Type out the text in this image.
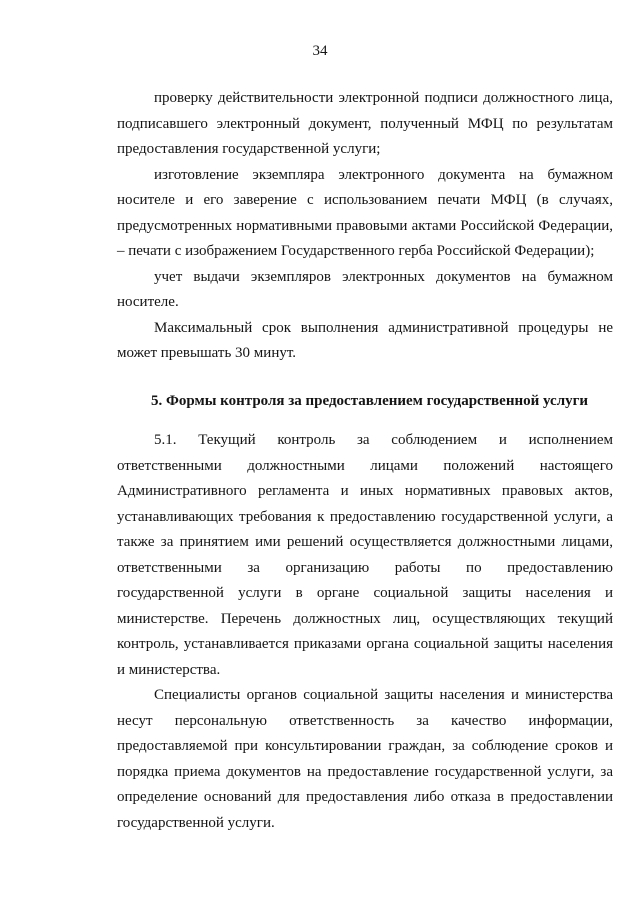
34

проверку действительности электронной подписи должностного лица, подписавшего электронный документ, полученный МФЦ по результатам предоставления государственной услуги;

изготовление экземпляра электронного документа на бумажном носителе и его заверение с использованием печати МФЦ (в случаях, предусмотренных нормативными правовыми актами Российской Федерации, – печати с изображением Государственного герба Российской Федерации);

учет выдачи экземпляров электронных документов на бумажном носителе.

Максимальный срок выполнения административной процедуры не может превышать 30 минут.

5. Формы контроля за предоставлением государственной услуги

5.1. Текущий контроль за соблюдением и исполнением ответственными должностными лицами положений настоящего Административного регламента и иных нормативных правовых актов, устанавливающих требования к предоставлению государственной услуги, а также за принятием ими решений осуществляется должностными лицами, ответственными за организацию работы по предоставлению государственной услуги в органе социальной защиты населения и министерстве. Перечень должностных лиц, осуществляющих текущий контроль, устанавливается приказами органа социальной защиты населения и министерства.

Специалисты органов социальной защиты населения и министерства несут персональную ответственность за качество информации, предоставляемой при консультировании граждан, за соблюдение сроков и порядка приема документов на предоставление государственной услуги, за определение оснований для предоставления либо отказа в предоставлении государственной услуги.
